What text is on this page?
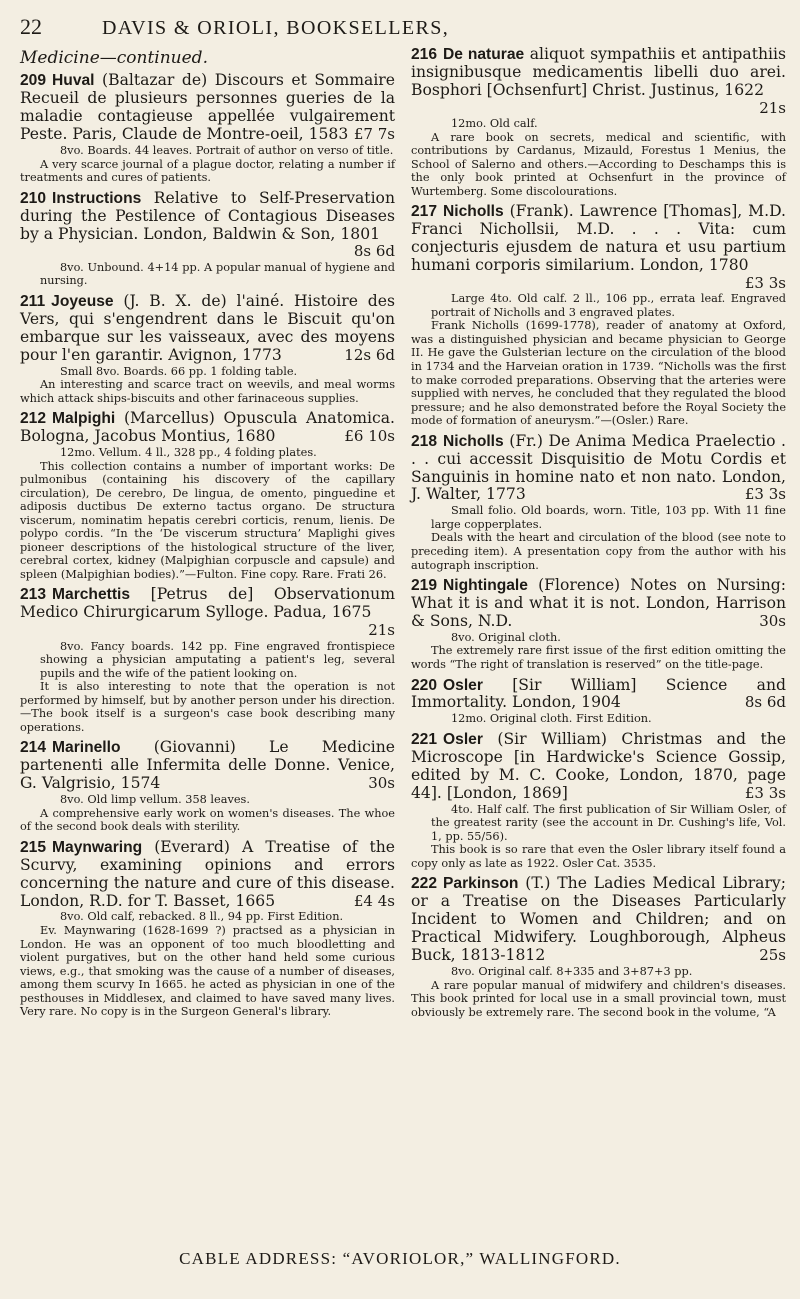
22	DAVIS & ORIOLI, BOOKSELLERS,
Medicine—continued.
209 Huval (Baltazar de) Discours et Sommaire Recueil de plusieurs personnes gueries de la maladie contagieuse appellée vulgairement Peste. Paris, Claude de Montre-oeil, 1583 £7 7s

8vo. Boards. 44 leaves. Portrait of author on verso of title.

A very scarce journal of a plague doctor, relating a number if treatments and cures of patients.

210 Instructions Relative to Self-Preservation during the Pestilence of Contagious Diseases by a Physician. London, Baldwin & Son, 1801
8s 6d

8vo. Unbound. 4+14 pp. A popular manual of hygiene and nursing.

211 Joyeuse (J. B. X. de) l'ainé. Histoire des Vers, qui s'engendrent dans le Biscuit qu'on embarque sur les vaisseaux, avec des moyens pour l'en garantir. Avignon, 1773	12s 6d

Small 8vo. Boards. 66 pp. 1 folding table.

An interesting and scarce tract on weevils, and meal worms which attack ships-biscuits and other farinaceous supplies.

212 Malpighi (Marcellus) Opuscula Anatomica. Bologna, Jacobus Montius, 1680	£6 10s

12mo. Vellum. 4 ll., 328 pp., 4 folding plates.

This collection contains a number of important works: De pulmonibus (containing his discovery of the capillary circulation), De cerebro, De lingua, de omento, pinguedine et adiposis ductibus De externo tactus organo. De structura viscerum, nominatim hepatis cerebri corticis, renum, lienis. De polypo cordis. “In the ‘De viscerum structura’ Maplighi gives pioneer descriptions of the histological structure of the liver, cerebral cortex, kidney (Malpighian corpuscle and capsule) and spleen (Malpighian bodies).”—Fulton. Fine copy. Rare. Frati 26.

213 Marchettis [Petrus de] Observationum Medico Chirurgicarum Sylloge. Padua, 1675
21s

8vo. Fancy boards. 142 pp. Fine engraved frontispiece showing a physician amputating a patient's leg, several pupils and the wife of the patient looking on.

It is also interesting to note that the operation is not performed by himself, but by another person under his direction.—The book itself is a surgeon's case book describing many operations.

214 Marinello (Giovanni) Le Medicine partenenti alle Infermita delle Donne. Venice, G. Valgrisio, 1574	30s

8vo. Old limp vellum. 358 leaves.

A comprehensive early work on women's diseases. The whoe of the second book deals with sterility.

215 Maynwaring (Everard) A Treatise of the Scurvy, examining opinions and errors concerning the nature and cure of this disease. London, R.D. for T. Basset, 1665	£4 4s

8vo. Old calf, rebacked. 8 ll., 94 pp. First Edition.

Ev. Maynwaring (1628-1699 ?) practsed as a physician in London. He was an opponent of too much bloodletting and violent purgatives, but on the other hand held some curious views, e.g., that smoking was the cause of a number of diseases, among them scurvy In 1665. he acted as physician in one of the pesthouses in Middlesex, and claimed to have saved many lives. Very rare. No copy is in the Surgeon General's library.

216 De naturae aliquot sympathiis et antipathiis insignibusque medicamentis libelli duo arei. Bosphori [Ochsenfurt] Christ. Justinus, 1622
21s

12mo. Old calf.

A rare book on secrets, medical and scientific, with contributions by Cardanus, Mizauld, Forestus 1 Menius, the School of Salerno and others.—According to Deschamps this is the only book printed at Ochsenfurt in the province of Wurtemberg. Some discolourations.

217 Nicholls (Frank). Lawrence [Thomas], M.D. Franci Nichollsii, M.D. . . . Vita: cum conjecturis ejusdem de natura et usu partium humani corporis similarium. London, 1780
£3 3s

Large 4to. Old calf. 2 ll., 106 pp., errata leaf. Engraved portrait of Nicholls and 3 engraved plates.

Frank Nicholls (1699-1778), reader of anatomy at Oxford, was a distinguished physician and became physician to George II. He gave the Gulsterian lecture on the circulation of the blood in 1734 and the Harveian oration in 1739. “Nicholls was the first to make corroded preparations. Observing that the arteries were supplied with nerves, he concluded that they regulated the blood pressure; and he also demonstrated before the Royal Society the mode of formation of aneurysm.”—(Osler.) Rare.

218 Nicholls (Fr.) De Anima Medica Praelectio . . . cui accessit Disquisitio de Motu Cordis et Sanguinis in homine nato et non nato. London, J. Walter, 1773	£3 3s

Small folio. Old boards, worn. Title, 103 pp. With 11 fine large copperplates.

Deals with the heart and circulation of the blood (see note to preceding item). A presentation copy from the author with his autograph inscription.

219 Nightingale (Florence) Notes on Nursing: What it is and what it is not. London, Harrison & Sons, N.D.	30s

8vo. Original cloth.

The extremely rare first issue of the first edition omitting the words “The right of translation is reserved” on the title-page.

220 Osler [Sir William] Science and Immortality. London, 1904	8s 6d

12mo. Original cloth. First Edition.

221 Osler (Sir William) Christmas and the Microscope [in Hardwicke's Science Gossip, edited by M. C. Cooke, London, 1870, page 44]. [London, 1869]	£3 3s

4to. Half calf. The first publication of Sir William Osler, of the greatest rarity (see the account in Dr. Cushing's life, Vol. 1, pp. 55/56).

This book is so rare that even the Osler library itself found a copy only as late as 1922. Osler Cat. 3535.

222 Parkinson (T.) The Ladies Medical Library; or a Treatise on the Diseases Particularly Incident to Women and Children; and on Practical Midwifery. Loughborough, Alpheus Buck, 1813-1812	25s

8vo. Original calf. 8+335 and 3+87+3 pp.

A rare popular manual of midwifery and children's diseases. This book printed for local use in a small provincial town, must obviously be extremely rare. The second book in the volume, “A

CABLE ADDRESS: “AVORIOLOR,” WALLINGFORD.
